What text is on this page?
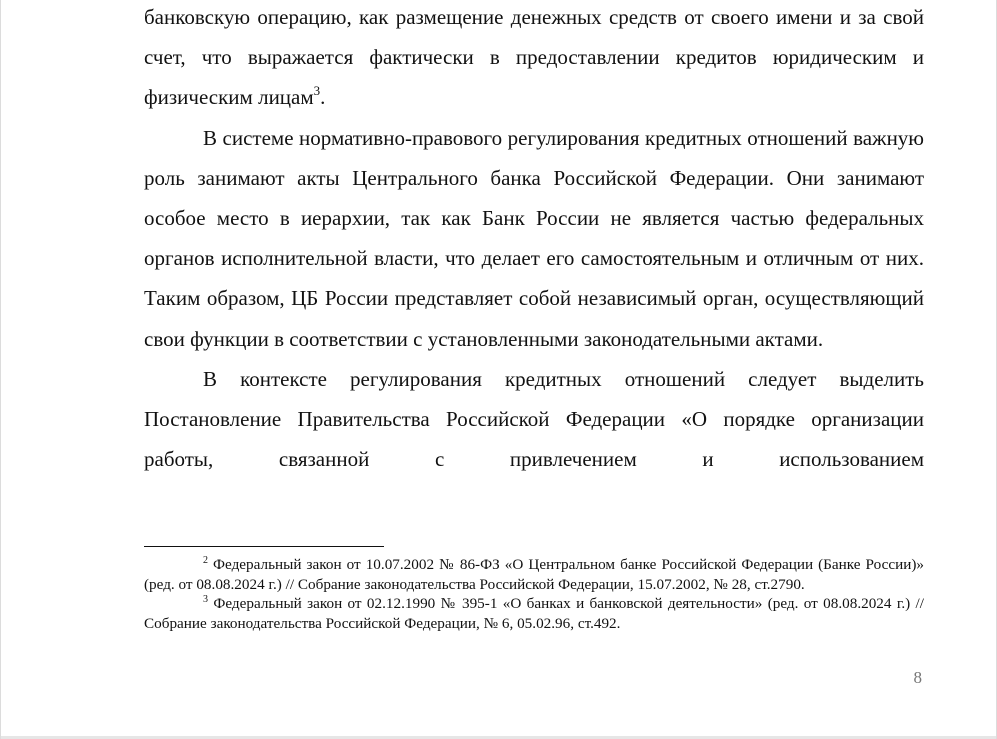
банковскую операцию, как размещение денежных средств от своего имени и за свой счет, что выражается фактически в предоставлении кредитов юридическим и физическим лицам$^3$.

В системе нормативно-правового регулирования кредитных отношений важную роль занимают акты Центрального банка Российской Федерации. Они занимают особое место в иерархии, так как Банк России не является частью федеральных органов исполнительной власти, что делает его самостоятельным и отличным от них. Таким образом, ЦБ России представляет собой независимый орган, осуществляющий свои функции в соответствии с установленными законодательными актами.

В контексте регулирования кредитных отношений следует выделить Постановление Правительства Российской Федерации «О порядке организации работы, связанной с привлечением и использованием

$^2$ Федеральный закон от 10.07.2002 № 86-ФЗ «О Центральном банке Российской Федерации (Банке России)» (ред. от 08.08.2024 г.) // Собрание законодательства Российской Федерации, 15.07.2002, № 28, ст.2790.

$^3$ Федеральный закон от 02.12.1990 № 395-1 «О банках и банковской деятельности» (ред. от 08.08.2024 г.) // Собрание законодательства Российской Федерации, № 6, 05.02.96, ст.492.

8
